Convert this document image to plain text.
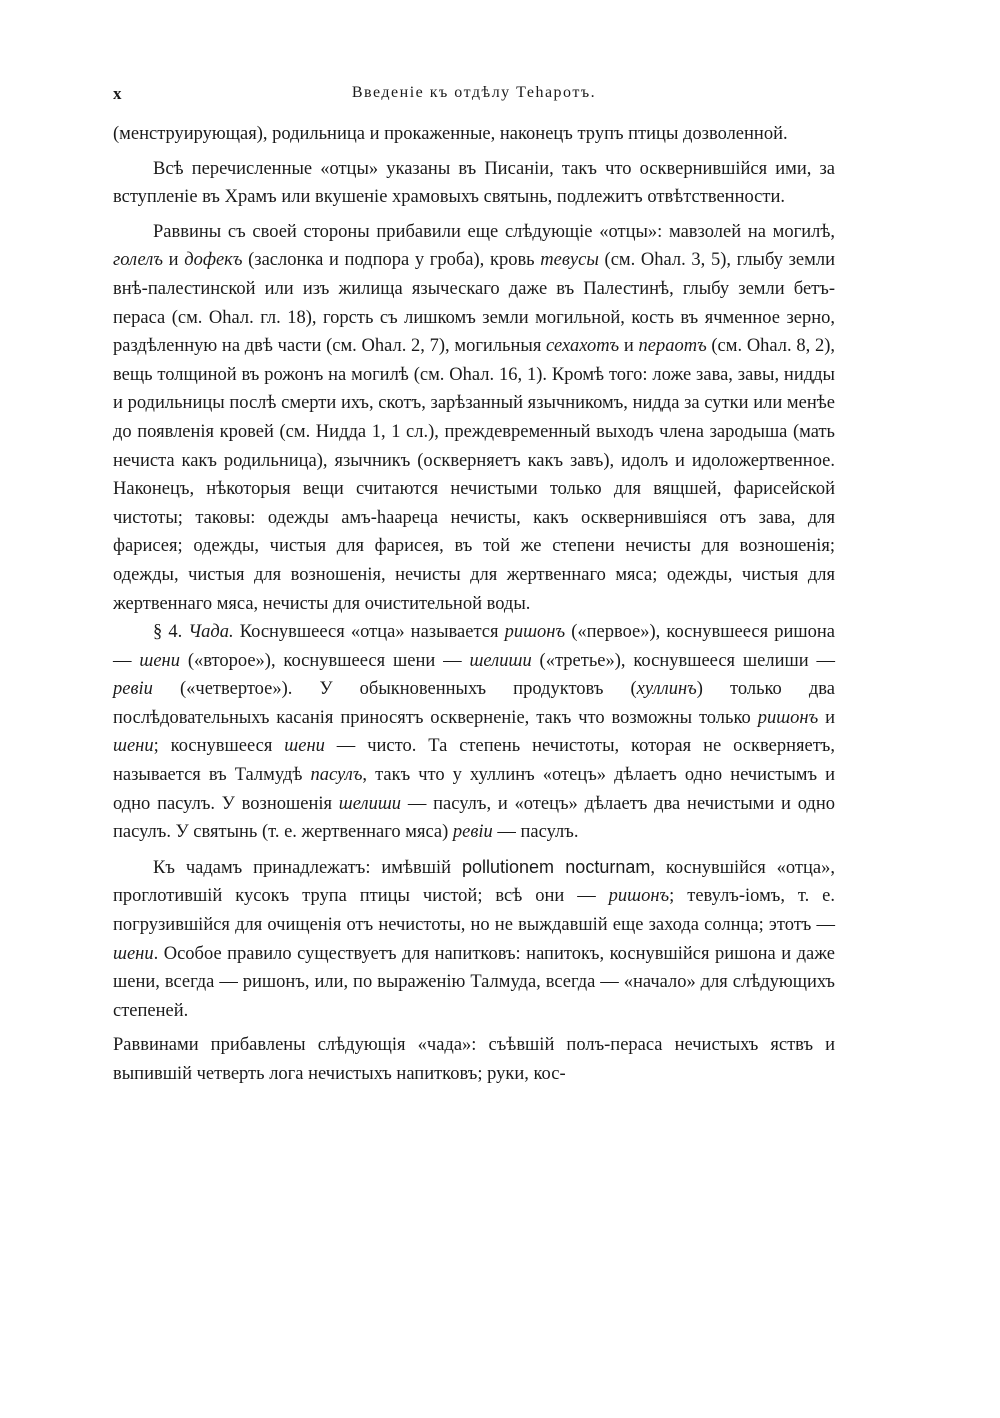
x	Введеніе къ отдѣлу Теһаротъ.

(менструирующая), родильница и прокаженные, наконецъ трупъ птицы дозволенной.

Всѣ перечисленные «отцы» указаны въ Писаніи, такъ что осквернившійся ими, за вступленіе въ Храмъ или вкушеніе храмовыхъ святынь, подлежитъ отвѣтственности.

Раввины съ своей стороны прибавили еще слѣдующіе «отцы»: мавзолей на могилѣ, голелъ и дофекъ (заслонка и подпора у гроба), кровь тевусы (см. Оһал. 3, 5), глыбу земли внѣ-палестинской или изъ жилища языческаго даже въ Палестинѣ, глыбу земли бетъ-пераса (см. Оһал. гл. 18), горсть съ лишкомъ земли могильной, кость въ ячменное зерно, раздѣленную на двѣ части (см. Оһал. 2, 7), могильныя сехахотъ и пераотъ (см. Оһал. 8, 2), вещь толщиной въ рожонъ на могилѣ (см. Оһал. 16, 1). Кромѣ того: ложе зава, завы, нидды и родильницы послѣ смерти ихъ, скотъ, зарѣзанный язычникомъ, нидда за сутки или менѣе до появленія кровей (см. Нидда 1, 1 сл.), преждевременный выходъ члена зародыша (мать нечиста какъ родильница), язычникъ (оскверняетъ какъ завъ), идолъ и идоложертвенное. Наконецъ, нѣкоторыя вещи считаются нечистыми только для вящшей, фарисейской чистоты; таковы: одежды амъ-һаареца нечисты, какъ осквернившіяся отъ зава, для фарисея; одежды, чистыя для фарисея, въ той же степени нечисты для возношенія; одежды, чистыя для возношенія, нечисты для жертвеннаго мяса; одежды, чистыя для жертвеннаго мяса, нечисты для очистительной воды.

§ 4. Чада. Коснувшееся «отца» называется ришонъ («первое»), коснувшееся ришона — шени («второе»), коснувшееся шени — шелиши («третье»), коснувшееся шелиши — ревіи («четвертое»). У обыкновенныхъ продуктовъ (хуллинъ) только два послѣдовательныхъ касанія приносятъ оскверненіе, такъ что возможны только ришонъ и шени; коснувшееся шени — чисто. Та степень нечистоты, которая не оскверняетъ, называется въ Талмудѣ пасулъ, такъ что у хуллинъ «отецъ» дѣлаетъ одно нечистымъ и одно пасулъ. У возношенія шелиши — пасулъ, и «отецъ» дѣлаетъ два нечистыми и одно пасулъ. У святынь (т. е. жертвеннаго мяса) ревіи — пасулъ.

Къ чадамъ принадлежатъ: имѣвшій pollutionem nocturnam, коснувшійся «отца», проглотившій кусокъ трупа птицы чистой; всѣ они — ришонъ; тевулъ-іомъ, т. е. погрузившійся для очищенія отъ нечистоты, но не выждавшій еще захода солнца; этотъ — шени. Особое правило существуетъ для напитковъ: напитокъ, коснувшійся ришона и даже шени, всегда — ришонъ, или, по выраженію Талмуда, всегда — «начало» для слѣдующихъ степеней.

Раввинами прибавлены слѣдующія «чада»: съѣвшій полъ-пераса нечистыхъ яствъ и выпившій четверть лога нечистыхъ напитковъ; руки, кос-
